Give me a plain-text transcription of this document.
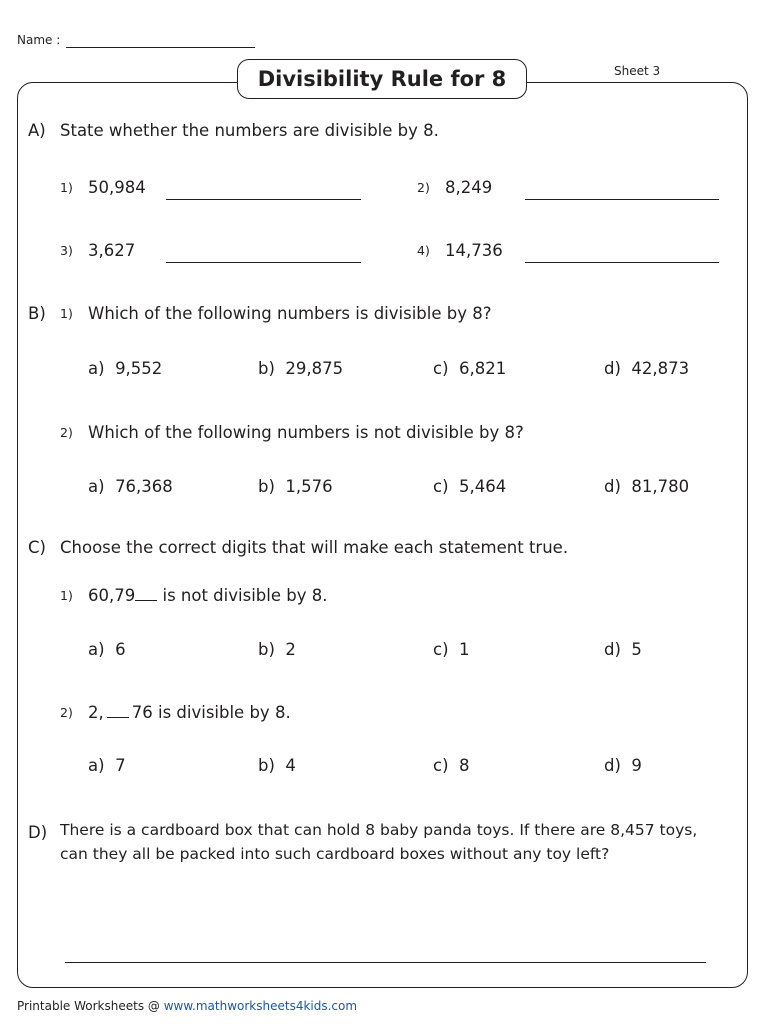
Name :
Divisibility Rule for 8	Sheet 3
A) State whether the numbers are divisible by 8.
1) 50,984	2) 8,249
3) 3,627	4) 14,736
B) 1) Which of the following numbers is divisible by 8?
a) 9,552	b) 29,875	c) 6,821	d) 42,873
2) Which of the following numbers is not divisible by 8?
a) 76,368	b) 1,576	c) 5,464	d) 81,780
C) Choose the correct digits that will make each statement true.
1) 60,79 is not divisible by 8.
a) 6	b) 2	c) 1	d) 5
2) 2, 76 is divisible by 8.
a) 7	b) 4	c) 8	d) 9
D) There is a cardboard box that can hold 8 baby panda toys. If there are 8,457 toys,
can they all be packed into such cardboard boxes without any toy left?
Printable Worksheets @ www.mathworksheets4kids.com
